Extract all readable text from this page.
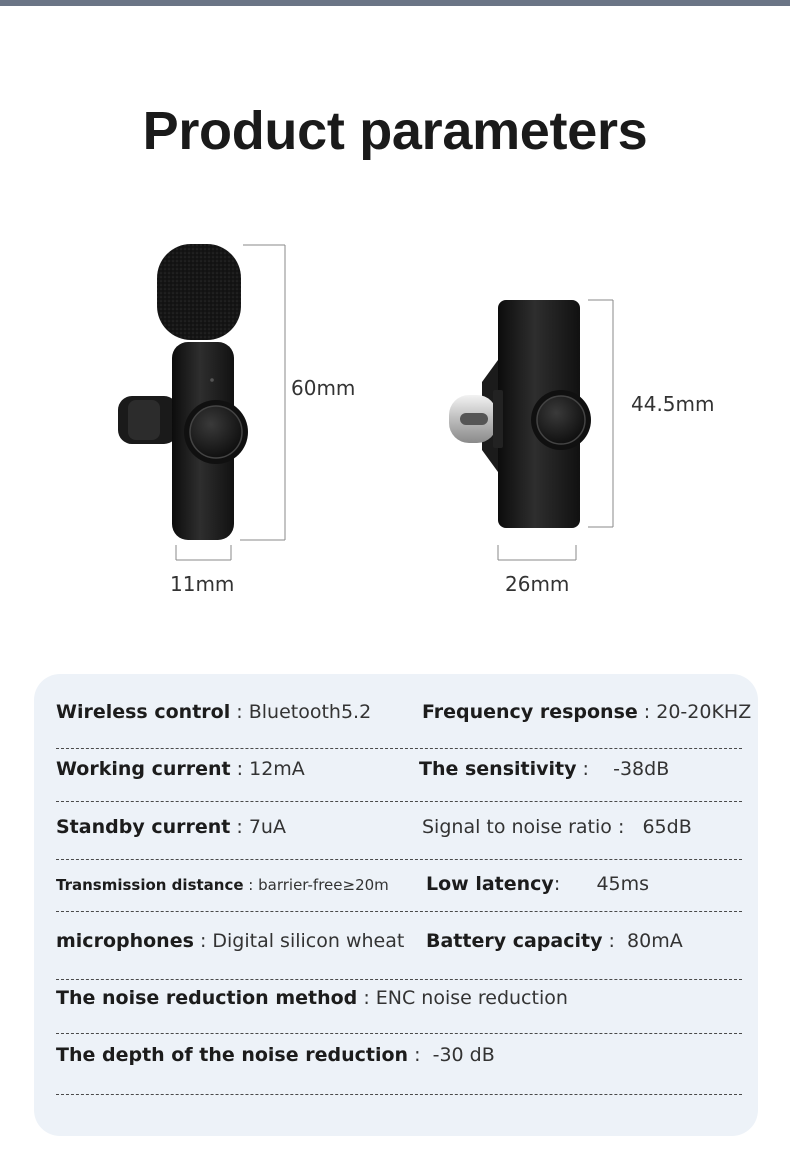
Product parameters
60mm
11mm
44.5mm
26mm
Wireless control : Bluetooth5.2	Frequency response : 20-20KHZ
Working current : 12mA	The sensitivity :    -38dB
Standby current : 7uA	Signal to noise ratio :   65dB
Transmission distance : barrier-free≥20m Low latency:      45ms
microphones : Digital silicon wheat Battery capacity :  80mA
The noise reduction method : ENC noise reduction
The depth of the noise reduction :  -30 dB
